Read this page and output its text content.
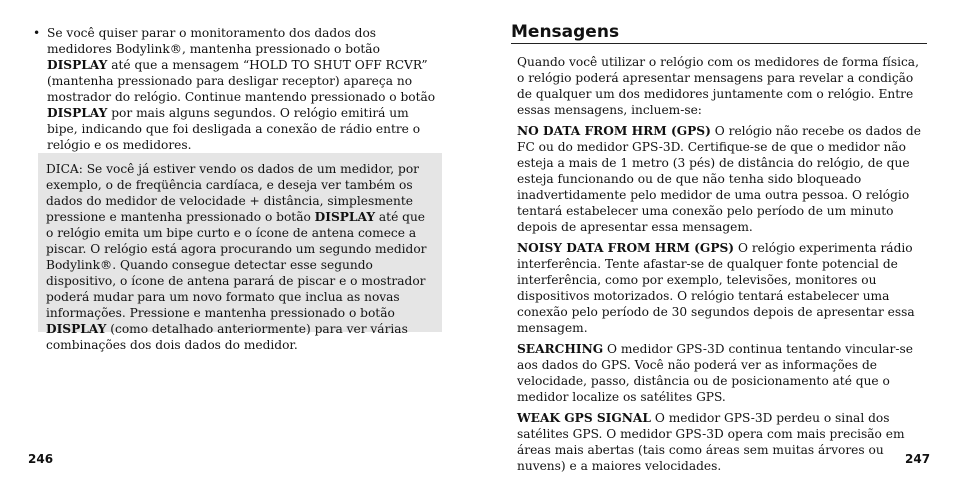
• Se você quiser parar o monitoramento dos dados dos medidores Bodylink®, mantenha pressionado o botão DISPLAY até que a mensagem “HOLD TO SHUT OFF RCVR” (mantenha pressionado para desligar receptor) apareça no mostrador do relógio. Continue mantendo pressionado o botão DISPLAY por mais alguns segundos. O relógio emitirá um bipe, indicando que foi desligada a conexão de rádio entre o relógio e os medidores.
DICA: Se você já estiver vendo os dados de um medidor, por exemplo, o de freqüência cardíaca, e deseja ver também os dados do medidor de velocidade + distância, simplesmente pressione e mantenha pressionado o botão DISPLAY até que o relógio emita um bipe curto e o ícone de antena comece a piscar. O relógio está agora procurando um segundo medidor Bodylink®. Quando consegue detectar esse segundo dispositivo, o ícone de antena parará de piscar e o mostrador poderá mudar para um novo formato que inclua as novas informações. Pressione e mantenha pressionado o botão DISPLAY (como detalhado anteriormente) para ver várias combinações dos dois dados do medidor.
246
Mensagens

Quando você utilizar o relógio com os medidores de forma física, o relógio poderá apresentar mensagens para revelar a condição de qualquer um dos medidores juntamente com o relógio. Entre essas mensagens, incluem-se:

NO DATA FROM HRM (GPS) O relógio não recebe os dados de FC ou do medidor GPS-3D. Certifique-se de que o medidor não esteja a mais de 1 metro (3 pés) de distância do relógio, de que esteja funcionando ou de que não tenha sido bloqueado inadvertidamente pelo medidor de uma outra pessoa. O relógio tentará estabelecer uma conexão pelo período de um minuto depois de apresentar essa mensagem.

NOISY DATA FROM HRM (GPS) O relógio experimenta rádio interferência. Tente afastar-se de qualquer fonte potencial de interferência, como por exemplo, televisões, monitores ou dispositivos motorizados. O relógio tentará estabelecer uma conexão pelo período de 30 segundos depois de apresentar essa mensagem.

SEARCHING O medidor GPS-3D continua tentando vincular-se aos dados do GPS. Você não poderá ver as informações de velocidade, passo, distância ou de posicionamento até que o medidor localize os satélites GPS.

WEAK GPS SIGNAL O medidor GPS-3D perdeu o sinal dos satélites GPS. O medidor GPS-3D opera com mais precisão em áreas mais abertas (tais como áreas sem muitas árvores ou nuvens) e a maiores velocidades.	247
